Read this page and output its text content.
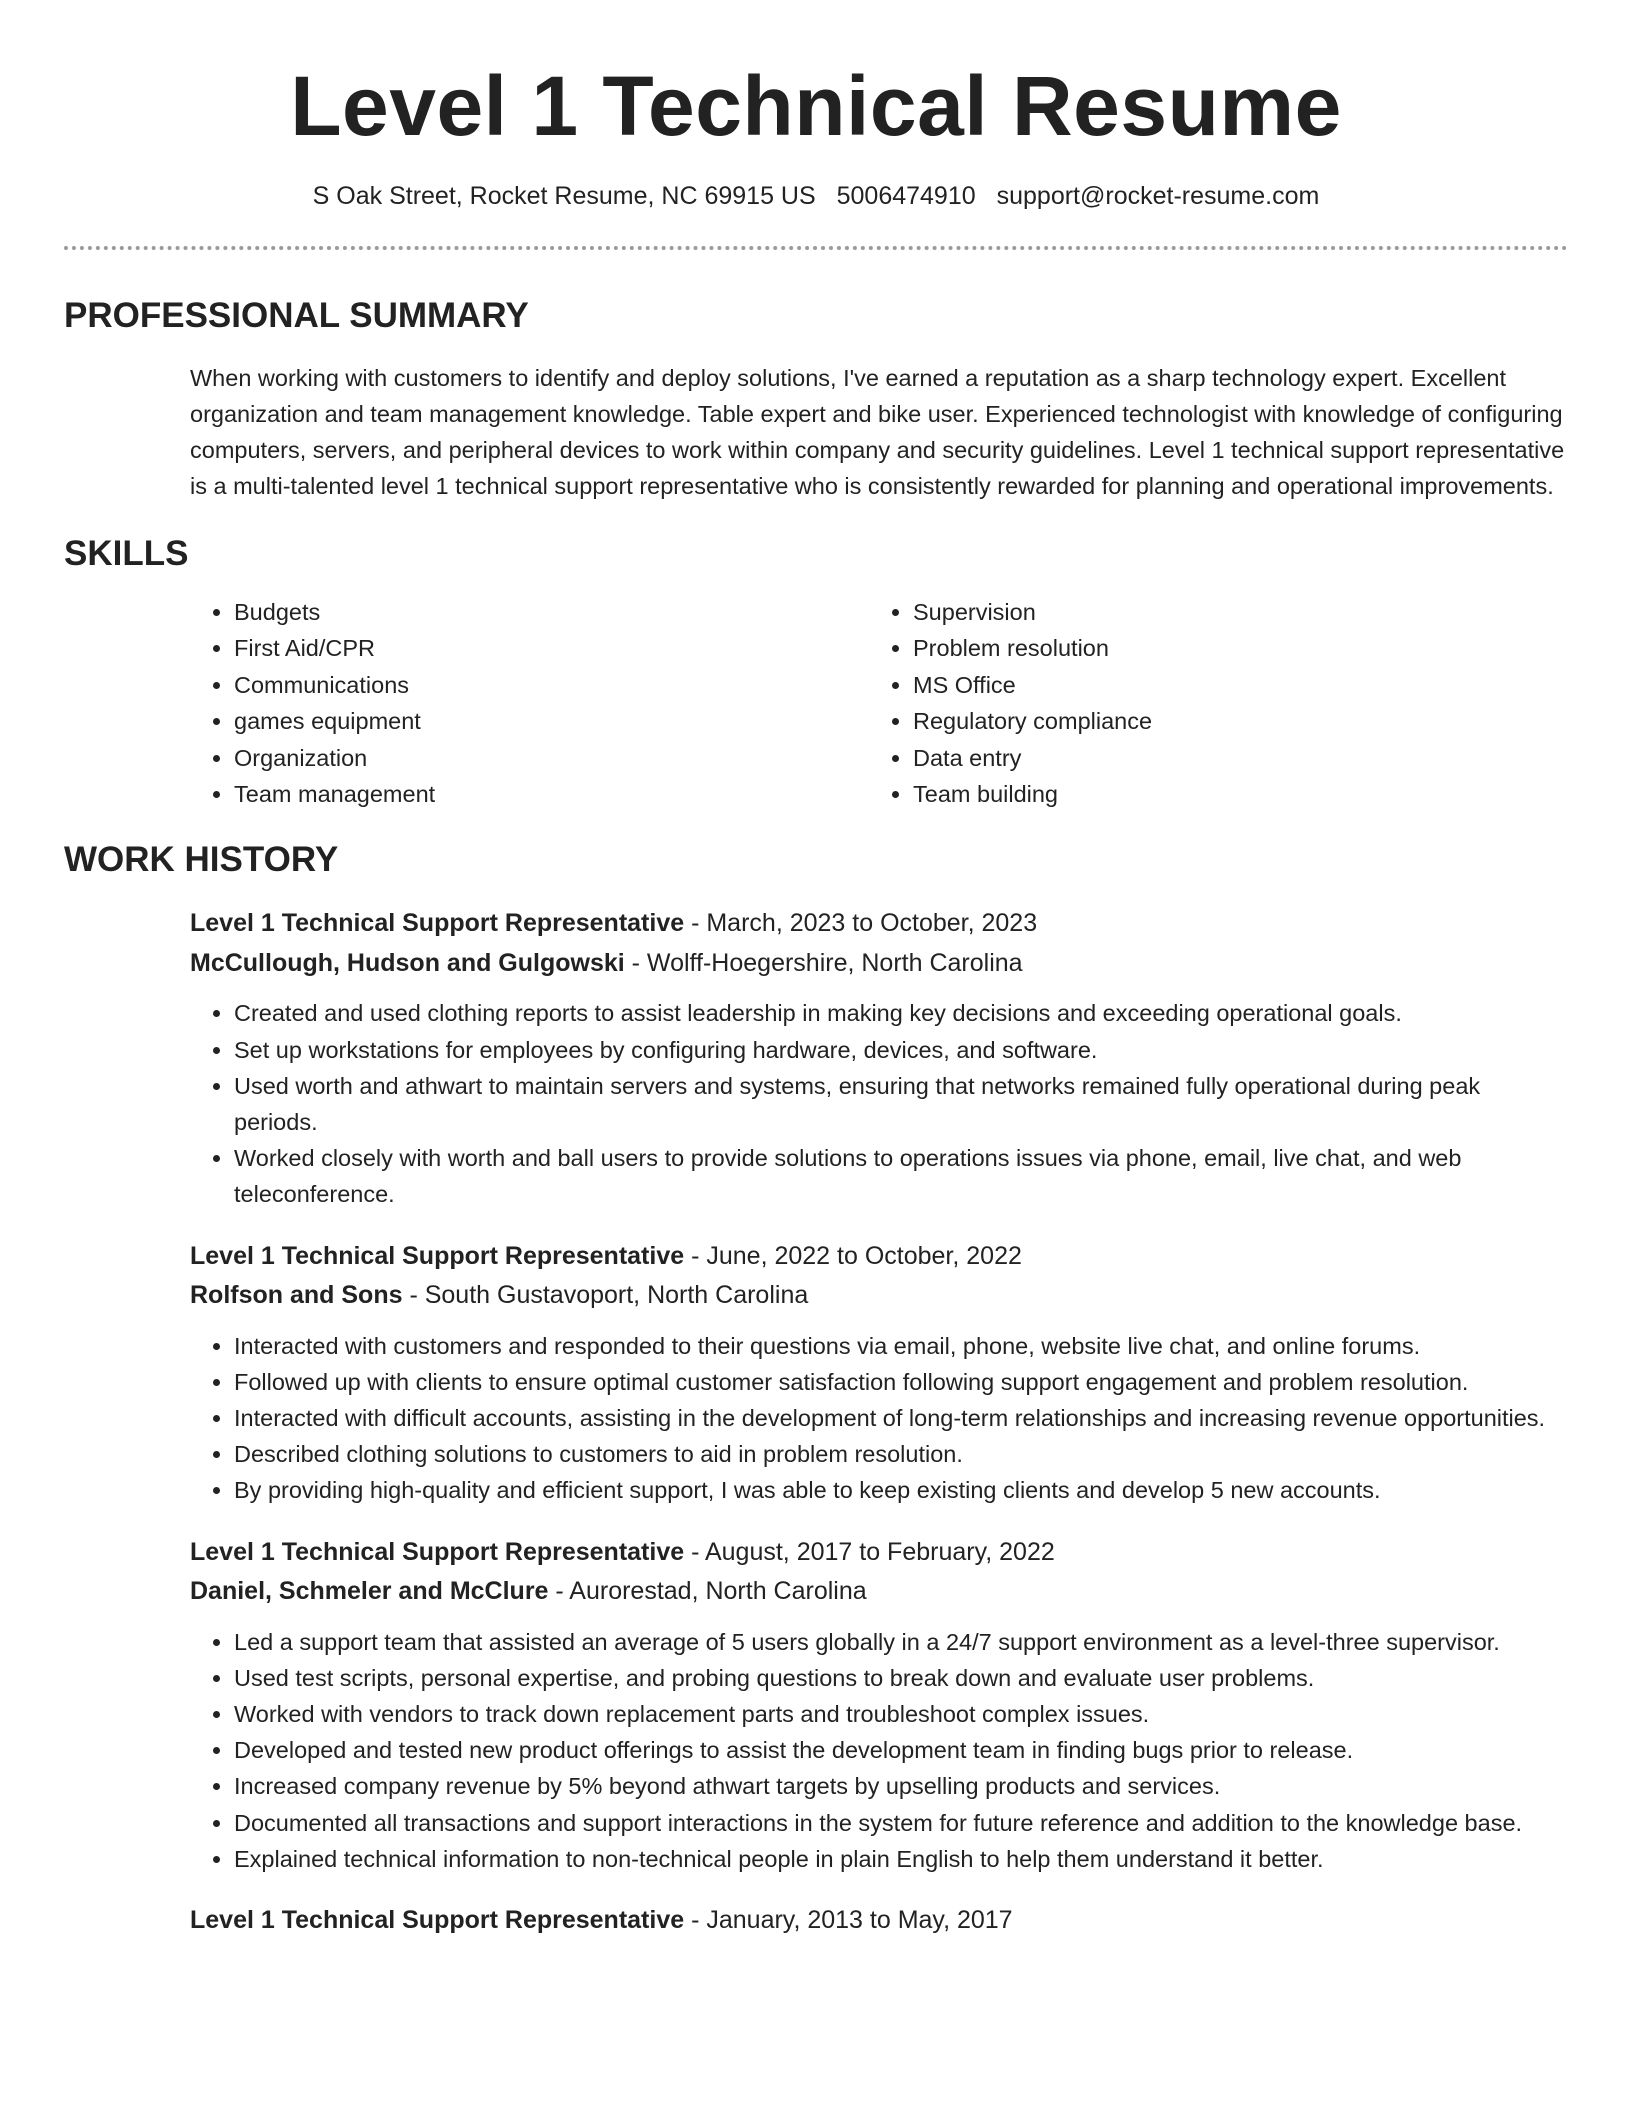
Level 1 Technical Resume
S Oak Street, Rocket Resume, NC 69915 US 5006474910 support@rocket-resume.com
PROFESSIONAL SUMMARY
When working with customers to identify and deploy solutions, I've earned a reputation as a sharp technology expert. Excellent organization and team management knowledge. Table expert and bike user. Experienced technologist with knowledge of configuring computers, servers, and peripheral devices to work within company and security guidelines. Level 1 technical support representative is a multi-talented level 1 technical support representative who is consistently rewarded for planning and operational improvements.
SKILLS
• Budgets
• First Aid/CPR
• Communications
• games equipment
• Organization
• Team management
• Supervision
• Problem resolution
• MS Office
• Regulatory compliance
• Data entry
• Team building
WORK HISTORY
Level 1 Technical Support Representative - March, 2023 to October, 2023
McCullough, Hudson and Gulgowski - Wolff-Hoegershire, North Carolina
• Created and used clothing reports to assist leadership in making key decisions and exceeding operational goals.
• Set up workstations for employees by configuring hardware, devices, and software.
• Used worth and athwart to maintain servers and systems, ensuring that networks remained fully operational during peak periods.
• Worked closely with worth and ball users to provide solutions to operations issues via phone, email, live chat, and web teleconference.
Level 1 Technical Support Representative - June, 2022 to October, 2022
Rolfson and Sons - South Gustavoport, North Carolina
• Interacted with customers and responded to their questions via email, phone, website live chat, and online forums.
• Followed up with clients to ensure optimal customer satisfaction following support engagement and problem resolution.
• Interacted with difficult accounts, assisting in the development of long-term relationships and increasing revenue opportunities.
• Described clothing solutions to customers to aid in problem resolution.
• By providing high-quality and efficient support, I was able to keep existing clients and develop 5 new accounts.
Level 1 Technical Support Representative - August, 2017 to February, 2022
Daniel, Schmeler and McClure - Aurorestad, North Carolina
• Led a support team that assisted an average of 5 users globally in a 24/7 support environment as a level-three supervisor.
• Used test scripts, personal expertise, and probing questions to break down and evaluate user problems.
• Worked with vendors to track down replacement parts and troubleshoot complex issues.
• Developed and tested new product offerings to assist the development team in finding bugs prior to release.
• Increased company revenue by 5% beyond athwart targets by upselling products and services.
• Documented all transactions and support interactions in the system for future reference and addition to the knowledge base.
• Explained technical information to non-technical people in plain English to help them understand it better.
Level 1 Technical Support Representative - January, 2013 to May, 2017
